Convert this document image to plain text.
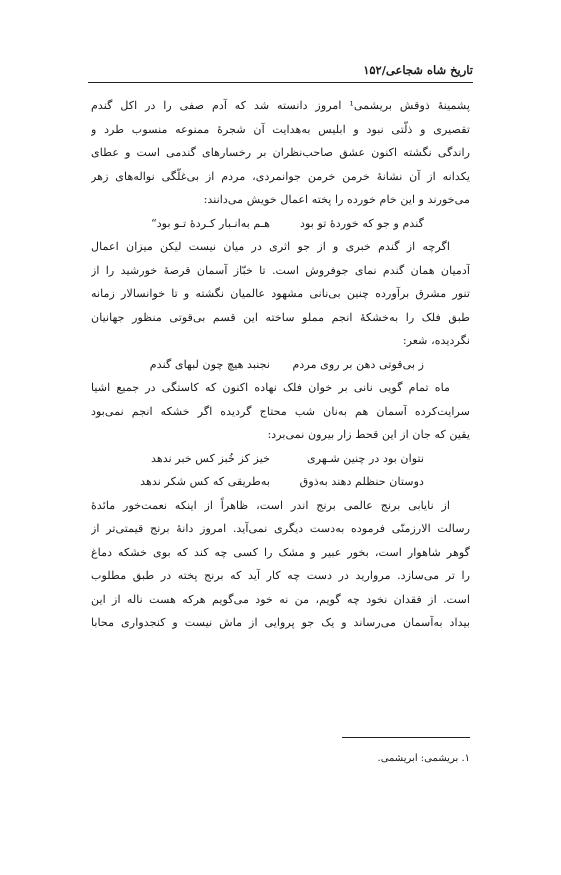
تاریخ شاه شجاعی/۱۵۲
پشمینهٔ ذوقش بریشمی¹ امروز دانسته شد که آدم صفی را در اکل گندم
تقصیری و ذلّتی نبود و ابلیس به‌هدایت آن شجرهٔ ممنوعه منسوب طرد و
راندگی نگشته اکنون عشق صاحب‌نظران بر رخسارهای گندمی است و عطای
یکدانه از آن نشانهٔ خرمن خرمن جوانمردی، مردم از بی‌غلّگی نواله‌های زهر
می‌خورند و این خام خورده را پخته اعمال خویش می‌دانند:
گندم و جو که خوردهٔ تو بودهـم به‌انـبار کـردهٔ تـو بود“
اگرچه از گندم خبری و از جو اثری در میان نیست لیکن میزان اعمال
آدمیان همان گندم نمای جوفروش است. تا خبّاز آسمان قرصهٔ خورشید را از
تنور مشرق برآورده چنین بی‌نانی مشهود عالمیان نگشته و تا خوانسالار زمانه
طبق فلک را به‌خشکهٔ انجم مملو ساخته این قسم بی‌قوتی منظور جهانیان
نگردیده، شعر:
ز بی‌قوتی دهن بر روی مردمنجنبد هیچ چون لبهای گندم
ماه تمام گویی نانی بر خوان فلک نهاده اکنون که کاستگی در جمیع اشیا
سرایت‌کرده آسمان هم به‌نان شب محتاج گردیده اگر خشکه انجم نمی‌بود
یقین که جان از این قحط زار بیرون نمی‌برد:
نتوان بود در چنین شـهریخیز کز خُبز کس خبر ندهد
دوستان حنظلم دهند به‌ذوقبه‌طریقی که کس شکر ندهد
از نایابی برنج عالمی برنج اندر است، ظاهراً از اینکه نعمت‌خور مائدهٔ
رسالت الارزمنّی فرموده به‌دست دیگری نمی‌آید. امروز دانهٔ برنج قیمتی‌تر از
گوهر شاهوار است، بخور عبیر و مشک را کسی چه کند که بوی خشکه دماغ
را تر می‌سازد. مروارید در دست چه کار آید که برنج پخته در طبق مطلوب
است. از فقدان نخود چه گویم، من نه خود می‌گویم هرکه هست ناله از این
بیداد به‌آسمان می‌رساند و یک جو پروایی از ماش نیست و کنجدواری محابا
۱. بریشمی: ابریشمی.
